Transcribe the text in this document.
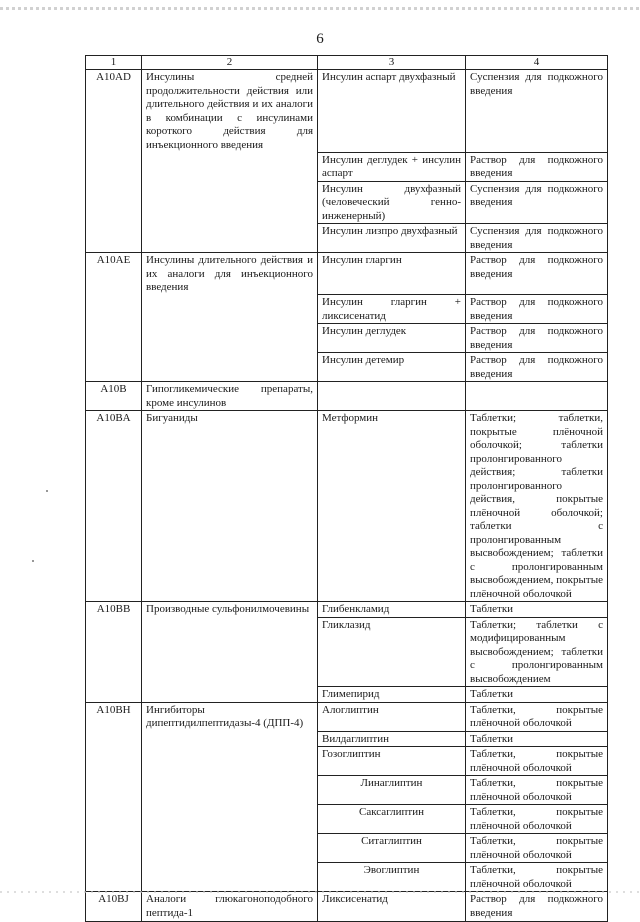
6
1	2	3	4
A10AD	Инсулины средней продолжительности действия или длительного действия и их аналоги в комбинации с инсулинами короткого действия для инъекционного введения	Инсулин аспарт двухфазный	Суспензия для подкожного введения
		Инсулин деглудек + инсулин аспарт	Раствор для подкожного введения
		Инсулин двухфазный (человеческий генно-инженерный)	Суспензия для подкожного введения
		Инсулин лизпро двухфазный	Суспензия для подкожного введения
A10AE	Инсулины длительного действия и их аналоги для инъекционного введения	Инсулин гларгин	Раствор для подкожного введения
		Инсулин гларгин + ликсисенатид	Раствор для подкожного введения
		Инсулин деглудек	Раствор для подкожного введения
		Инсулин детемир	Раствор для подкожного введения
A10B	Гипогликемические препараты, кроме инсулинов		
A10BA	Бигуаниды	Метформин	Таблетки; таблетки, покрытые плёночной оболочкой; таблетки пролонгированного действия; таблетки пролонгированного действия, покрытые плёночной оболочкой; таблетки с пролонгированным высвобождением; таблетки с пролонгированным высвобождением, покрытые плёночной оболочкой
A10BB	Производные сульфонилмочевины	Глибенкламид	Таблетки
		Гликлазид	Таблетки; таблетки с модифицированным высвобождением; таблетки с пролонгированным высвобождением
		Глимепирид	Таблетки
A10BH	Ингибиторы дипептидилпептидазы-4 (ДПП-4)	Алоглиптин	Таблетки, покрытые плёночной оболочкой
		Вилдаглиптин	Таблетки
		Гозоглиптин	Таблетки, покрытые плёночной оболочкой
		Линаглиптин	Таблетки, покрытые плёночной оболочкой
		Саксаглиптин	Таблетки, покрытые плёночной оболочкой
		Ситаглиптин	Таблетки, покрытые плёночной оболочкой
		Эвоглиптин	Таблетки, покрытые плёночной оболочкой
A10BJ	Аналоги глюкагоноподобного пептида-1	Ликсисенатид	Раствор для подкожного введения
